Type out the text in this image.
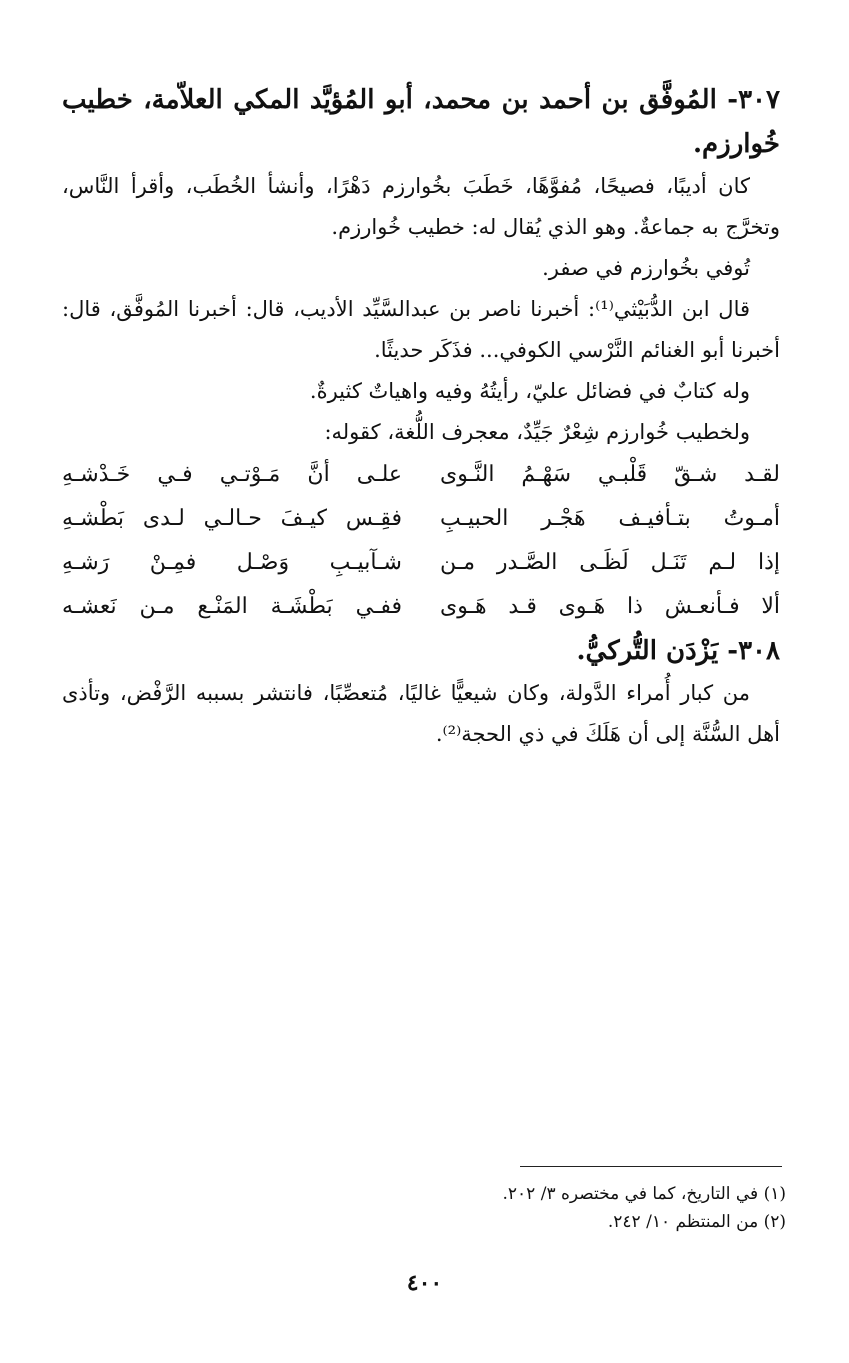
٣٠٧- المُوفَّق بن أحمد بن محمد، أبو المُؤيَّد المكي العلاّمة، خطيب خُوارزم.

كان أديبًا، فصيحًا، مُفوَّهًا، خَطَبَ بخُوارزم دَهْرًا، وأنشأ الخُطَب، وأقرأ النَّاس، وتخرَّج به جماعةٌ. وهو الذي يُقال له: خطيب خُوارزم.

تُوفي بخُوارزم في صفر.

قال ابن الدُّبَيْثي⁽¹⁾: أخبرنا ناصر بن عبدالسَّيِّد الأديب، قال: أخبرنا المُوفَّق، قال: أخبرنا أبو الغنائم النَّرْسي الكوفي... فذَكَر حديثًا.

وله كتابٌ في فضائل عليّ، رأيتُهُ وفيه واهياتٌ كثيرةٌ.

ولخطيب خُوارزم شِعْرٌ جَيِّدٌ، معجرف اللُّغة، كقوله:

لقـد شـقّ قَلْبـي سَهْـمُ النَّـوى
علـى أنَّ مَـوْتـي فـي خَـدْشـهِ
أمـوتُ بتـأفيـف هَجْـر الحبيـبِ
فقِـس كيـفَ حـالـي لـدى بَطْشـهِ
إذا لـم تَنَـل لَظَـى الصَّـدر مـن
شـآبيـبِ وَصْـل فمِـنْ رَشـهِ
ألا فـأنعـش ذا هَـوى قـد هَـوى
ففـي بَطْشَـة المَنْـع مـن نَعشـه

٣٠٨- يَزْدَن التُّركيُّ.

من كبار أُمراء الدَّولة، وكان شيعيًّا غاليًا، مُتعصِّبًا، فانتشر بسببه الرَّفْض، وتأذى أهل السُّنَّة إلى أن هَلَكَ في ذي الحجة⁽²⁾.

(١) في التاريخ، كما في مختصره ٣/ ٢٠٢.

(٢) من المنتظم ١٠/ ٢٤٢.

٤٠٠
